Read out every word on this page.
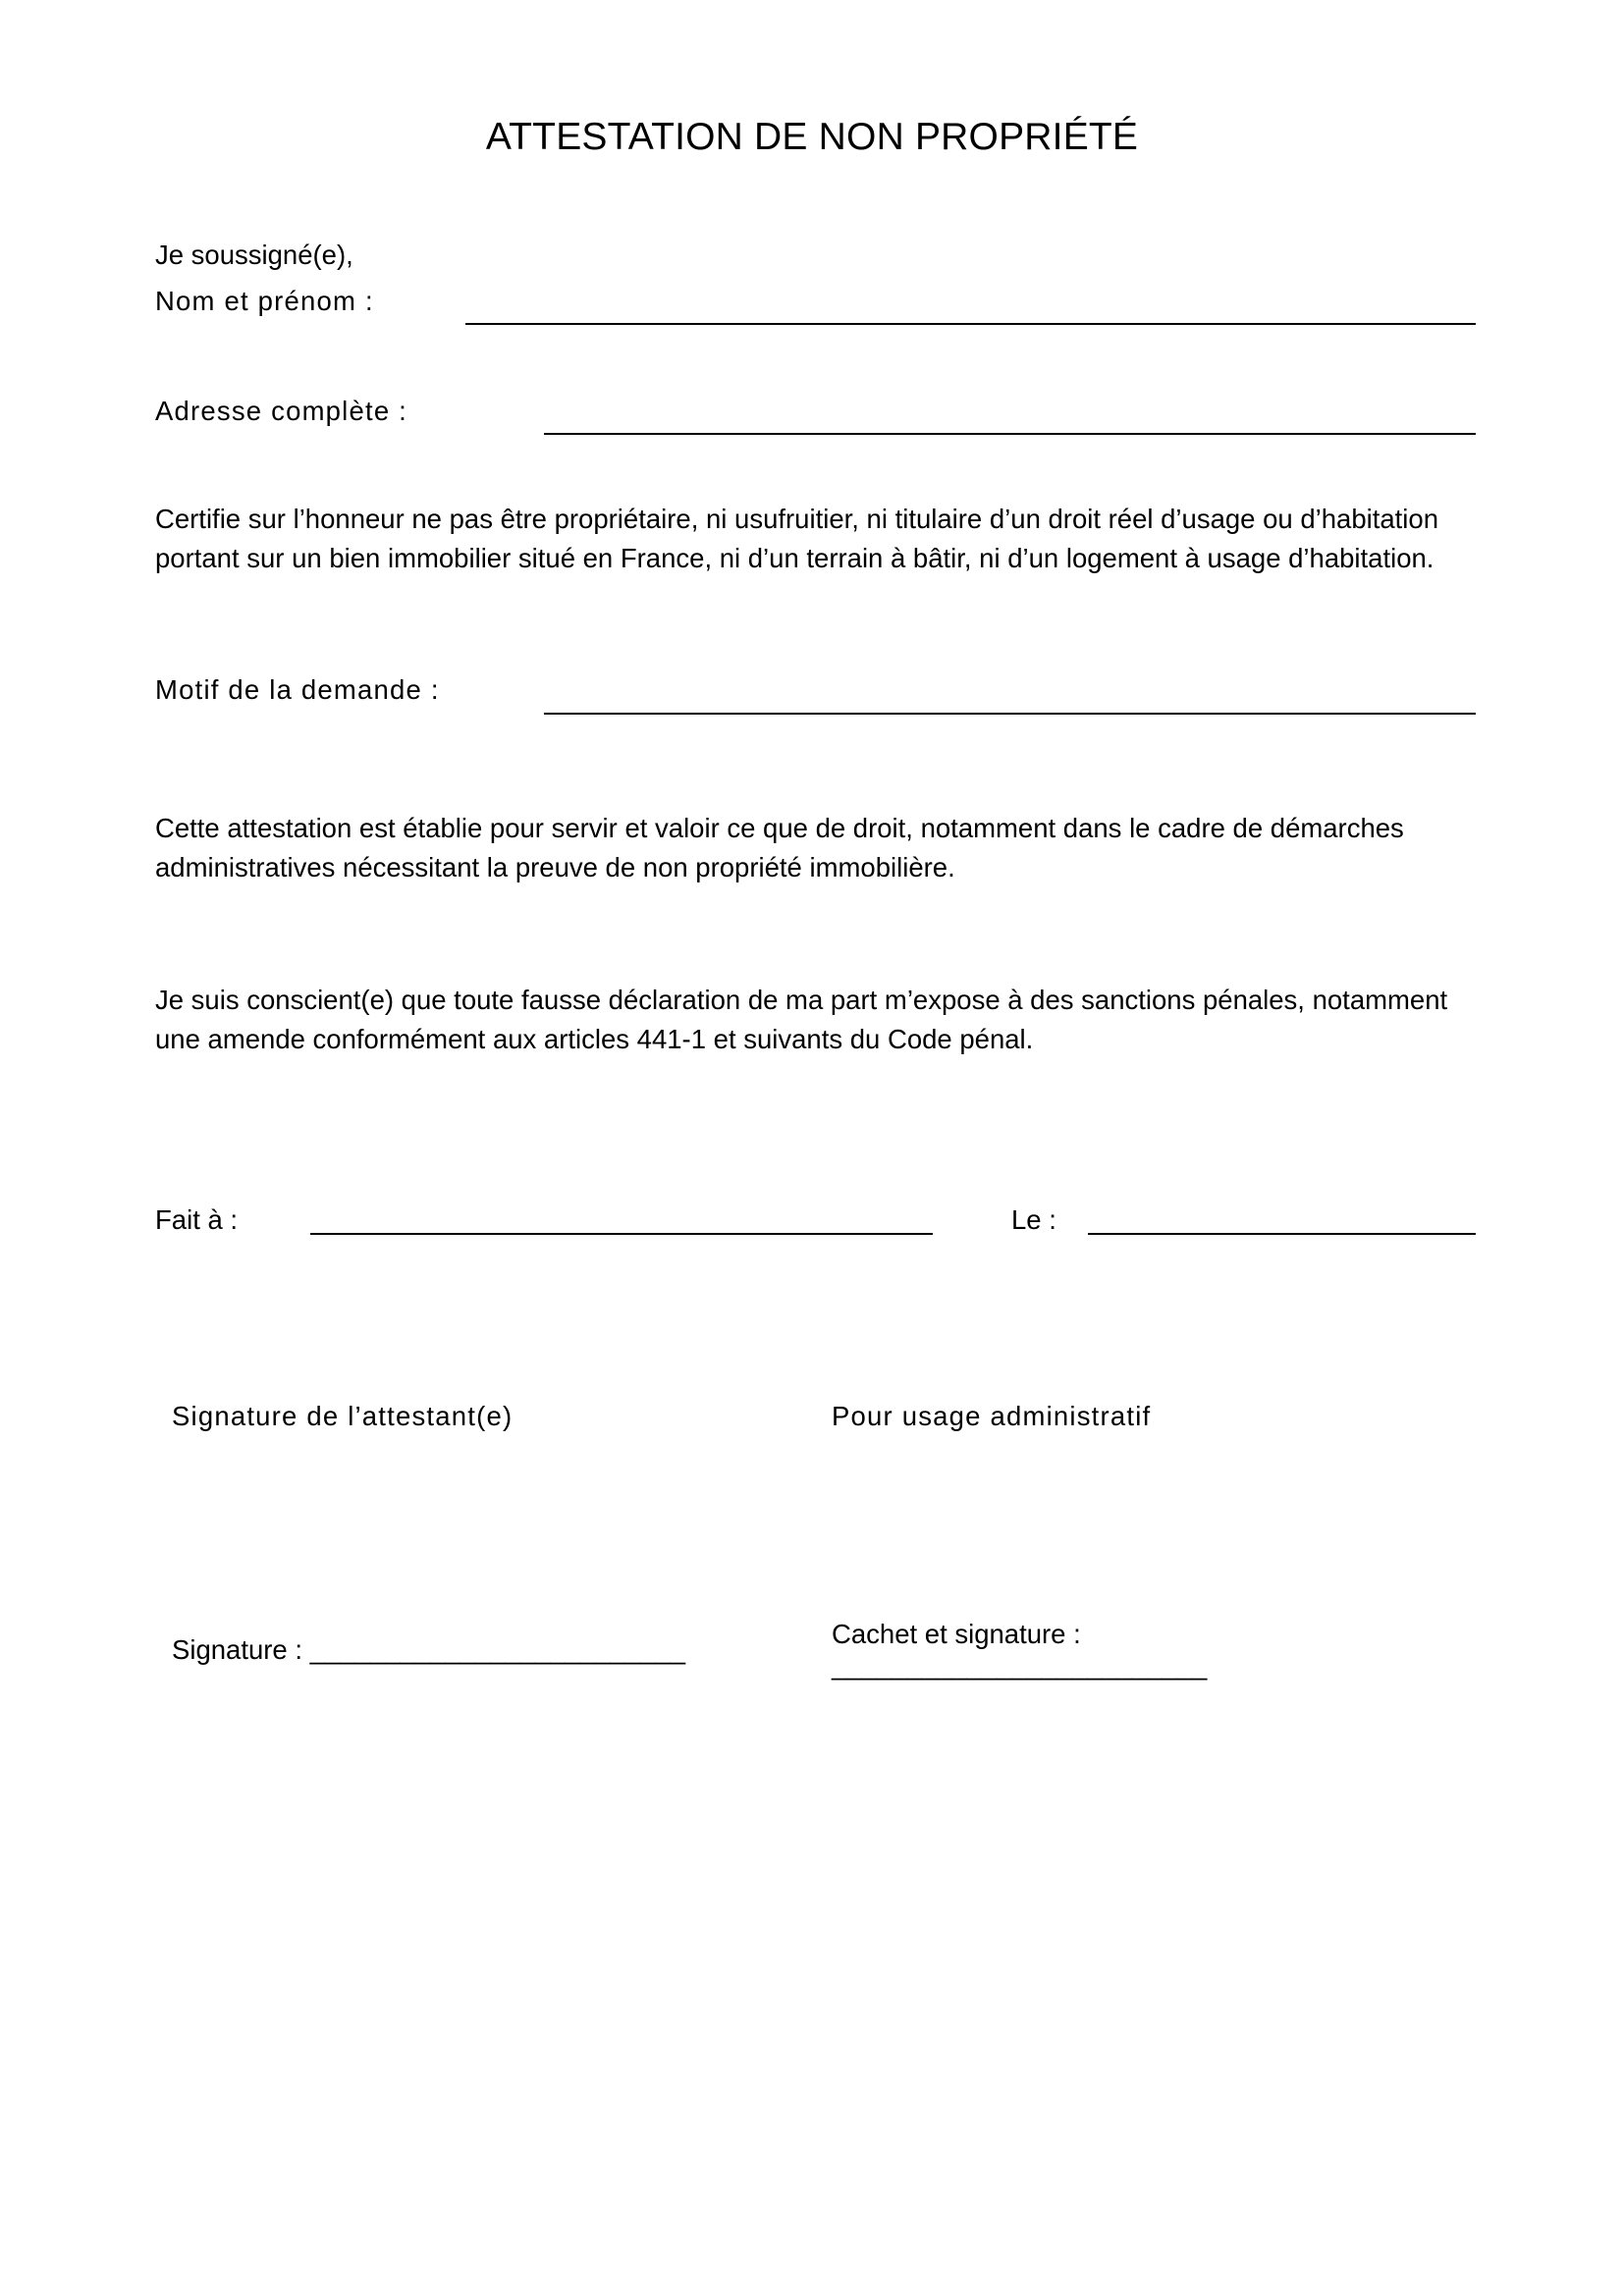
ATTESTATION DE NON PROPRIÉTÉ
Je soussigné(e),
Nom et prénom :
Adresse complète :
Certifie sur l’honneur ne pas être propriétaire, ni usufruitier, ni titulaire d’un droit réel d’usage ou d’habitation
portant sur un bien immobilier situé en France, ni d’un terrain à bâtir, ni d’un logement à usage d’habitation.
Motif de la demande :
Cette attestation est établie pour servir et valoir ce que de droit, notamment dans le cadre de démarches
administratives nécessitant la preuve de non propriété immobilière.
Je suis conscient(e) que toute fausse déclaration de ma part m’expose à des sanctions pénales, notamment
une amende conformément aux articles 441-1 et suivants du Code pénal.
Fait à :	Le :
Signature de l’attestant(e)	Pour usage administratif
Signature : _________________________
Cachet et signature :
_________________________
